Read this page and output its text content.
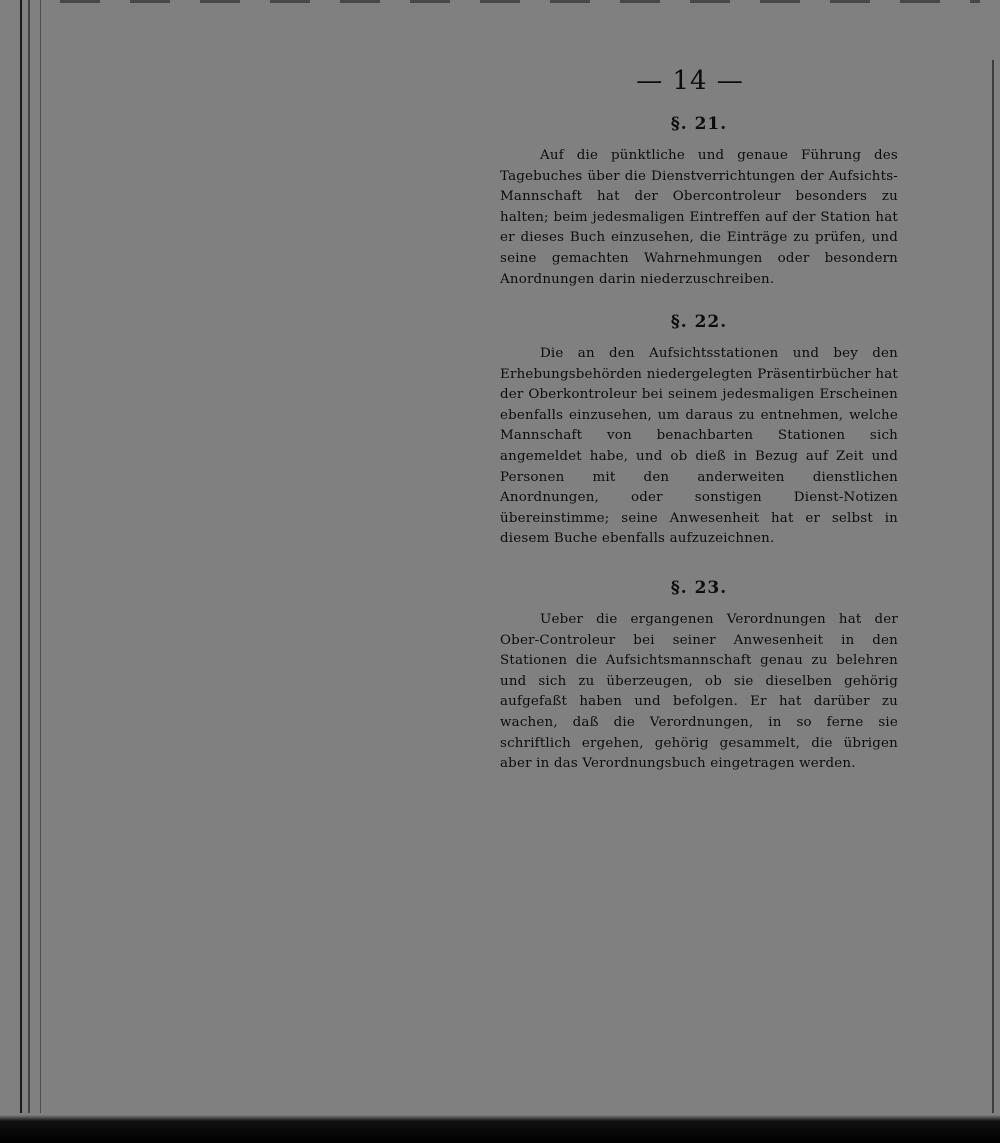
— 14 —
§. 21.

Auf die pünktliche und genaue Führung des Tagebuches über die Dienstverrichtungen der Aufsichts-Mannschaft hat der Obercontroleur besonders zu halten; beim jedesmaligen Eintreffen auf der Station hat er dieses Buch einzusehen, die Einträge zu prüfen, und seine gemachten Wahrnehmungen oder besondern Anordnungen darin niederzuschreiben.

§. 22.

Die an den Aufsichtsstationen und bey den Erhebungsbehörden niedergelegten Präsentirbücher hat der Oberkontroleur bei seinem jedesmaligen Erscheinen ebenfalls einzusehen, um daraus zu entnehmen, welche Mannschaft von benachbarten Stationen sich angemeldet habe, und ob dieß in Bezug auf Zeit und Personen mit den anderweiten dienstlichen Anordnungen, oder sonstigen Dienst-Notizen übereinstimme; seine Anwesenheit hat er selbst in diesem Buche ebenfalls aufzuzeichnen.

§. 23.

Ueber die ergangenen Verordnungen hat der Ober-Controleur bei seiner Anwesenheit in den Stationen die Aufsichtsmannschaft genau zu belehren und sich zu überzeugen, ob sie dieselben gehörig aufgefaßt haben und befolgen. Er hat darüber zu wachen, daß die Verordnungen, in so ferne sie schriftlich ergehen, gehörig gesammelt, die übrigen aber in das Verordnungsbuch eingetragen werden.
